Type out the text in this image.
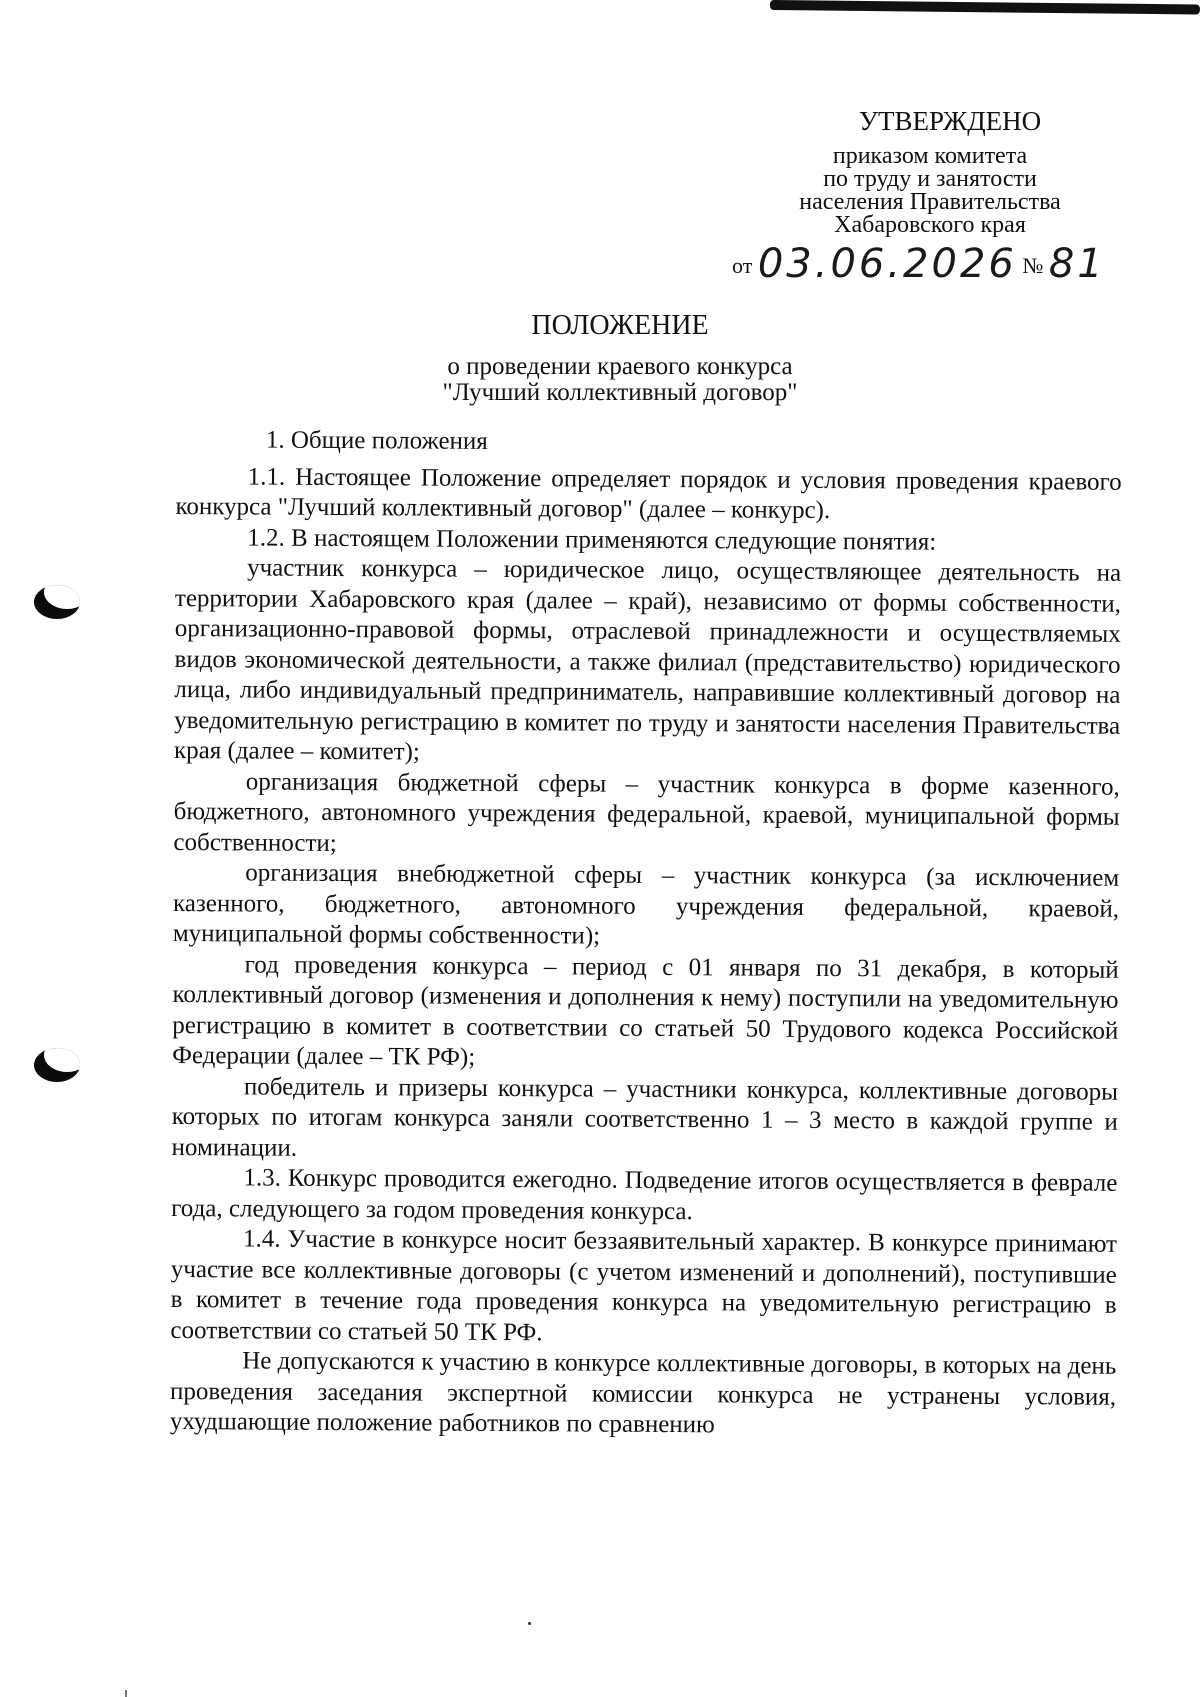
УТВЕРЖДЕНО
приказом комитета
по труду и занятости
населения Правительства
Хабаровского края
от 03.06.2026 № 81
ПОЛОЖЕНИЕ
о проведении краевого конкурса
"Лучший коллективный договор"

1. Общие положения

1.1. Настоящее Положение определяет порядок и условия проведения краевого конкурса "Лучший коллективный договор" (далее – конкурс).

1.2. В настоящем Положении применяются следующие понятия:

участник конкурса – юридическое лицо, осуществляющее деятельность на территории Хабаровского края (далее – край), независимо от формы собственности, организационно-правовой формы, отраслевой принадлежности и осуществляемых видов экономической деятельности, а также филиал (представительство) юридического лица, либо индивидуальный предприниматель, направившие коллективный договор на уведомительную регистрацию в комитет по труду и занятости населения Правительства края (далее – комитет);

организация бюджетной сферы – участник конкурса в форме казенного, бюджетного, автономного учреждения федеральной, краевой, муниципальной формы собственности;

организация внебюджетной сферы – участник конкурса (за исключением казенного, бюджетного, автономного учреждения федеральной, краевой, муниципальной формы собственности);

год проведения конкурса – период с 01 января по 31 декабря, в который коллективный договор (изменения и дополнения к нему) поступили на уведомительную регистрацию в комитет в соответствии со статьей 50 Трудового кодекса Российской Федерации (далее – ТК РФ);

победитель и призеры конкурса – участники конкурса, коллективные договоры которых по итогам конкурса заняли соответственно 1 – 3 место в каждой группе и номинации.

1.3. Конкурс проводится ежегодно. Подведение итогов осуществляется в феврале года, следующего за годом проведения конкурса.

1.4. Участие в конкурсе носит беззаявительный характер. В конкурсе принимают участие все коллективные договоры (с учетом изменений и дополнений), поступившие в комитет в течение года проведения конкурса на уведомительную регистрацию в соответствии со статьей 50 ТК РФ.

Не допускаются к участию в конкурсе коллективные договоры, в которых на день проведения заседания экспертной комиссии конкурса не устранены условия, ухудшающие положение работников по сравнению
